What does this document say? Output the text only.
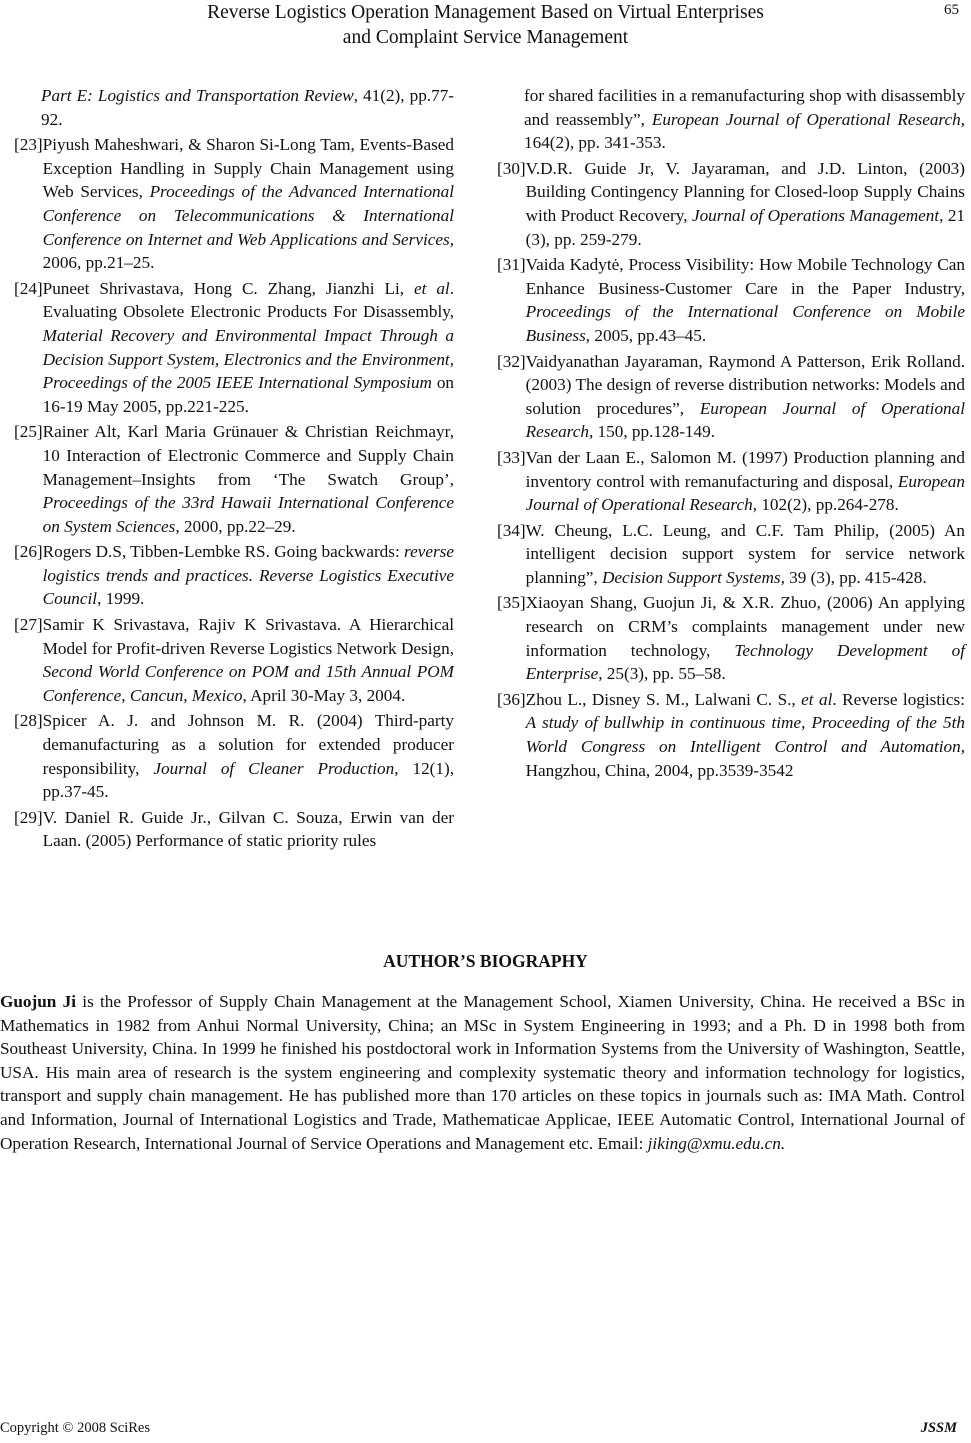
Reverse Logistics Operation Management Based on Virtual Enterprises
and Complaint Service Management
65
Part E: Logistics and Transportation Review, 41(2), pp.77-92.
[23] Piyush Maheshwari, & Sharon Si-Long Tam, Events-Based Exception Handling in Supply Chain Management using Web Services, Proceedings of the Advanced International Conference on Telecommunications & International Conference on Internet and Web Applications and Services, 2006, pp.21–25.
[24] Puneet Shrivastava, Hong C. Zhang, Jianzhi Li, et al. Evaluating Obsolete Electronic Products For Disassembly, Material Recovery and Environmental Impact Through a Decision Support System, Electronics and the Environment, Proceedings of the 2005 IEEE International Symposium on 16-19 May 2005, pp.221-225.
[25] Rainer Alt, Karl Maria Grünauer & Christian Reichmayr, 10 Interaction of Electronic Commerce and Supply Chain Management–Insights from ‘The Swatch Group’, Proceedings of the 33rd Hawaii International Conference on System Sciences, 2000, pp.22–29.
[26] Rogers D.S, Tibben-Lembke RS. Going backwards: reverse logistics trends and practices. Reverse Logistics Executive Council, 1999.
[27] Samir K Srivastava, Rajiv K Srivastava. A Hierarchical Model for Profit-driven Reverse Logistics Network Design, Second World Conference on POM and 15th Annual POM Conference, Cancun, Mexico, April 30-May 3, 2004.
[28] Spicer A. J. and Johnson M. R. (2004) Third-party demanufacturing as a solution for extended producer responsibility, Journal of Cleaner Production, 12(1), pp.37-45.
[29] V. Daniel R. Guide Jr., Gilvan C. Souza, Erwin van der Laan. (2005) Performance of static priority rules
for shared facilities in a remanufacturing shop with disassembly and reassembly”, European Journal of Operational Research, 164(2), pp. 341-353.
[30] V.D.R. Guide Jr, V. Jayaraman, and J.D. Linton, (2003) Building Contingency Planning for Closed-loop Supply Chains with Product Recovery, Journal of Operations Management, 21 (3), pp. 259-279.
[31] Vaida Kadytė, Process Visibility: How Mobile Technology Can Enhance Business-Customer Care in the Paper Industry, Proceedings of the International Conference on Mobile Business, 2005, pp.43–45.
[32] Vaidyanathan Jayaraman, Raymond A Patterson, Erik Rolland. (2003) The design of reverse distribution networks: Models and solution procedures”, European Journal of Operational Research, 150, pp.128-149.
[33] Van der Laan E., Salomon M. (1997) Production planning and inventory control with remanufacturing and disposal, European Journal of Operational Research, 102(2), pp.264-278.
[34] W. Cheung, L.C. Leung, and C.F. Tam Philip, (2005) An intelligent decision support system for service network planning”, Decision Support Systems, 39 (3), pp. 415-428.
[35] Xiaoyan Shang, Guojun Ji, & X.R. Zhuo, (2006) An applying research on CRM’s complaints management under new information technology, Technology Development of Enterprise, 25(3), pp. 55–58.
[36] Zhou L., Disney S. M., Lalwani C. S., et al. Reverse logistics: A study of bullwhip in continuous time, Proceeding of the 5th World Congress on Intelligent Control and Automation, Hangzhou, China, 2004, pp.3539-3542
AUTHOR’S BIOGRAPHY
Guojun Ji is the Professor of Supply Chain Management at the Management School, Xiamen University, China. He received a BSc in Mathematics in 1982 from Anhui Normal University, China; an MSc in System Engineering in 1993; and a Ph. D in 1998 both from Southeast University, China. In 1999 he finished his postdoctoral work in Information Systems from the University of Washington, Seattle, USA. His main area of research is the system engineering and complexity systematic theory and information technology for logistics, transport and supply chain management. He has published more than 170 articles on these topics in journals such as: IMA Math. Control and Information, Journal of International Logistics and Trade, Mathematicae Applicae, IEEE Automatic Control, International Journal of Operation Research, International Journal of Service Operations and Management etc. Email: jiking@xmu.edu.cn.
Copyright © 2008 SciRes	JSSM
